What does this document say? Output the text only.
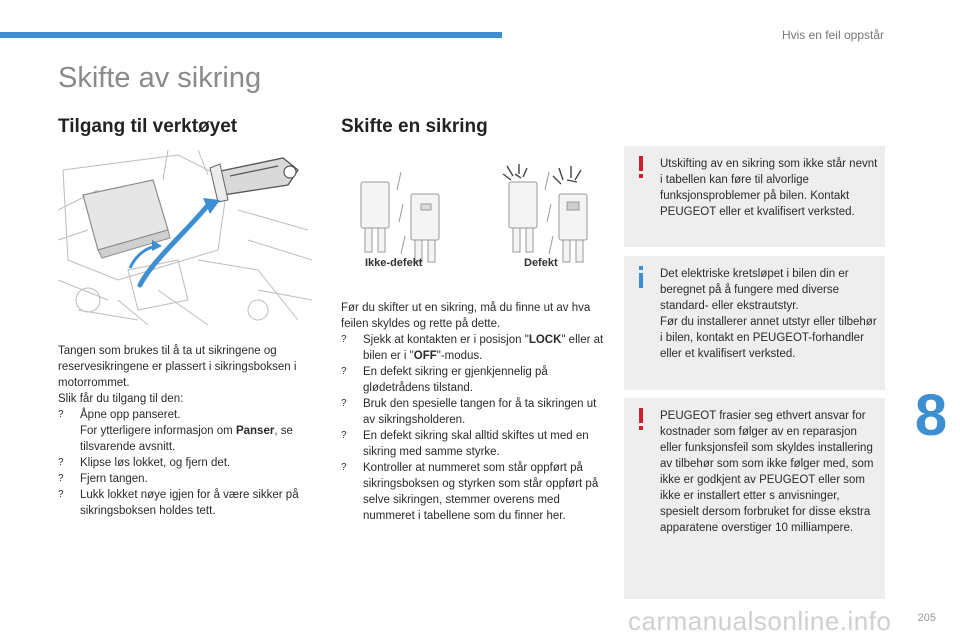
Hvis en feil oppstår
Skifte av sikring
Tilgang til verktøyet	Skifte en sikring
Ikke-defekt	Defekt

Tangen som brukes til å ta ut sikringene og reservesikringene er plassert i sikringsboksen i motorrommet.

Slik får du tilgang til den:

? Åpne opp panseret.
For ytterligere informasjon om Panser, se tilsvarende avsnitt.
? Klipse løs lokket, og fjern det.
? Fjern tangen.
? Lukk lokket nøye igjen for å være sikker på sikringsboksen holdes tett.

Før du skifter ut en sikring, må du finne ut av hva feilen skyldes og rette på dette.

? Sjekk at kontakten er i posisjon "LOCK" eller at bilen er i "OFF"-modus.
? En defekt sikring er gjenkjennelig på glødetrådens tilstand.
? Bruk den spesielle tangen for å ta sikringen ut av sikringsholderen.
? En defekt sikring skal alltid skiftes ut med en sikring med samme styrke.
? Kontroller at nummeret som står oppført på sikringsboksen og styrken som står oppført på selve sikringen, stemmer overens med nummeret i tabellene som du finner her.
Utskifting av en sikring som ikke står nevnt i tabellen kan føre til alvorlige funksjonsproblemer på bilen. Kontakt PEUGEOT eller et kvalifisert verksted.
Det elektriske kretsløpet i bilen din er beregnet på å fungere med diverse standard- eller ekstrautstyr.
Før du installerer annet utstyr eller tilbehør i bilen, kontakt en PEUGEOT-forhandler eller et kvalifisert verksted.
PEUGEOT frasier seg ethvert ansvar for kostnader som følger av en reparasjon eller funksjonsfeil som skyldes installering av tilbehør som som ikke følger med, som ikke er godkjent av PEUGEOT eller som ikke er installert etter s anvisninger, spesielt dersom forbruket for disse ekstra apparatene overstiger 10 milliampere.
8
carmanualsonline.info 205
